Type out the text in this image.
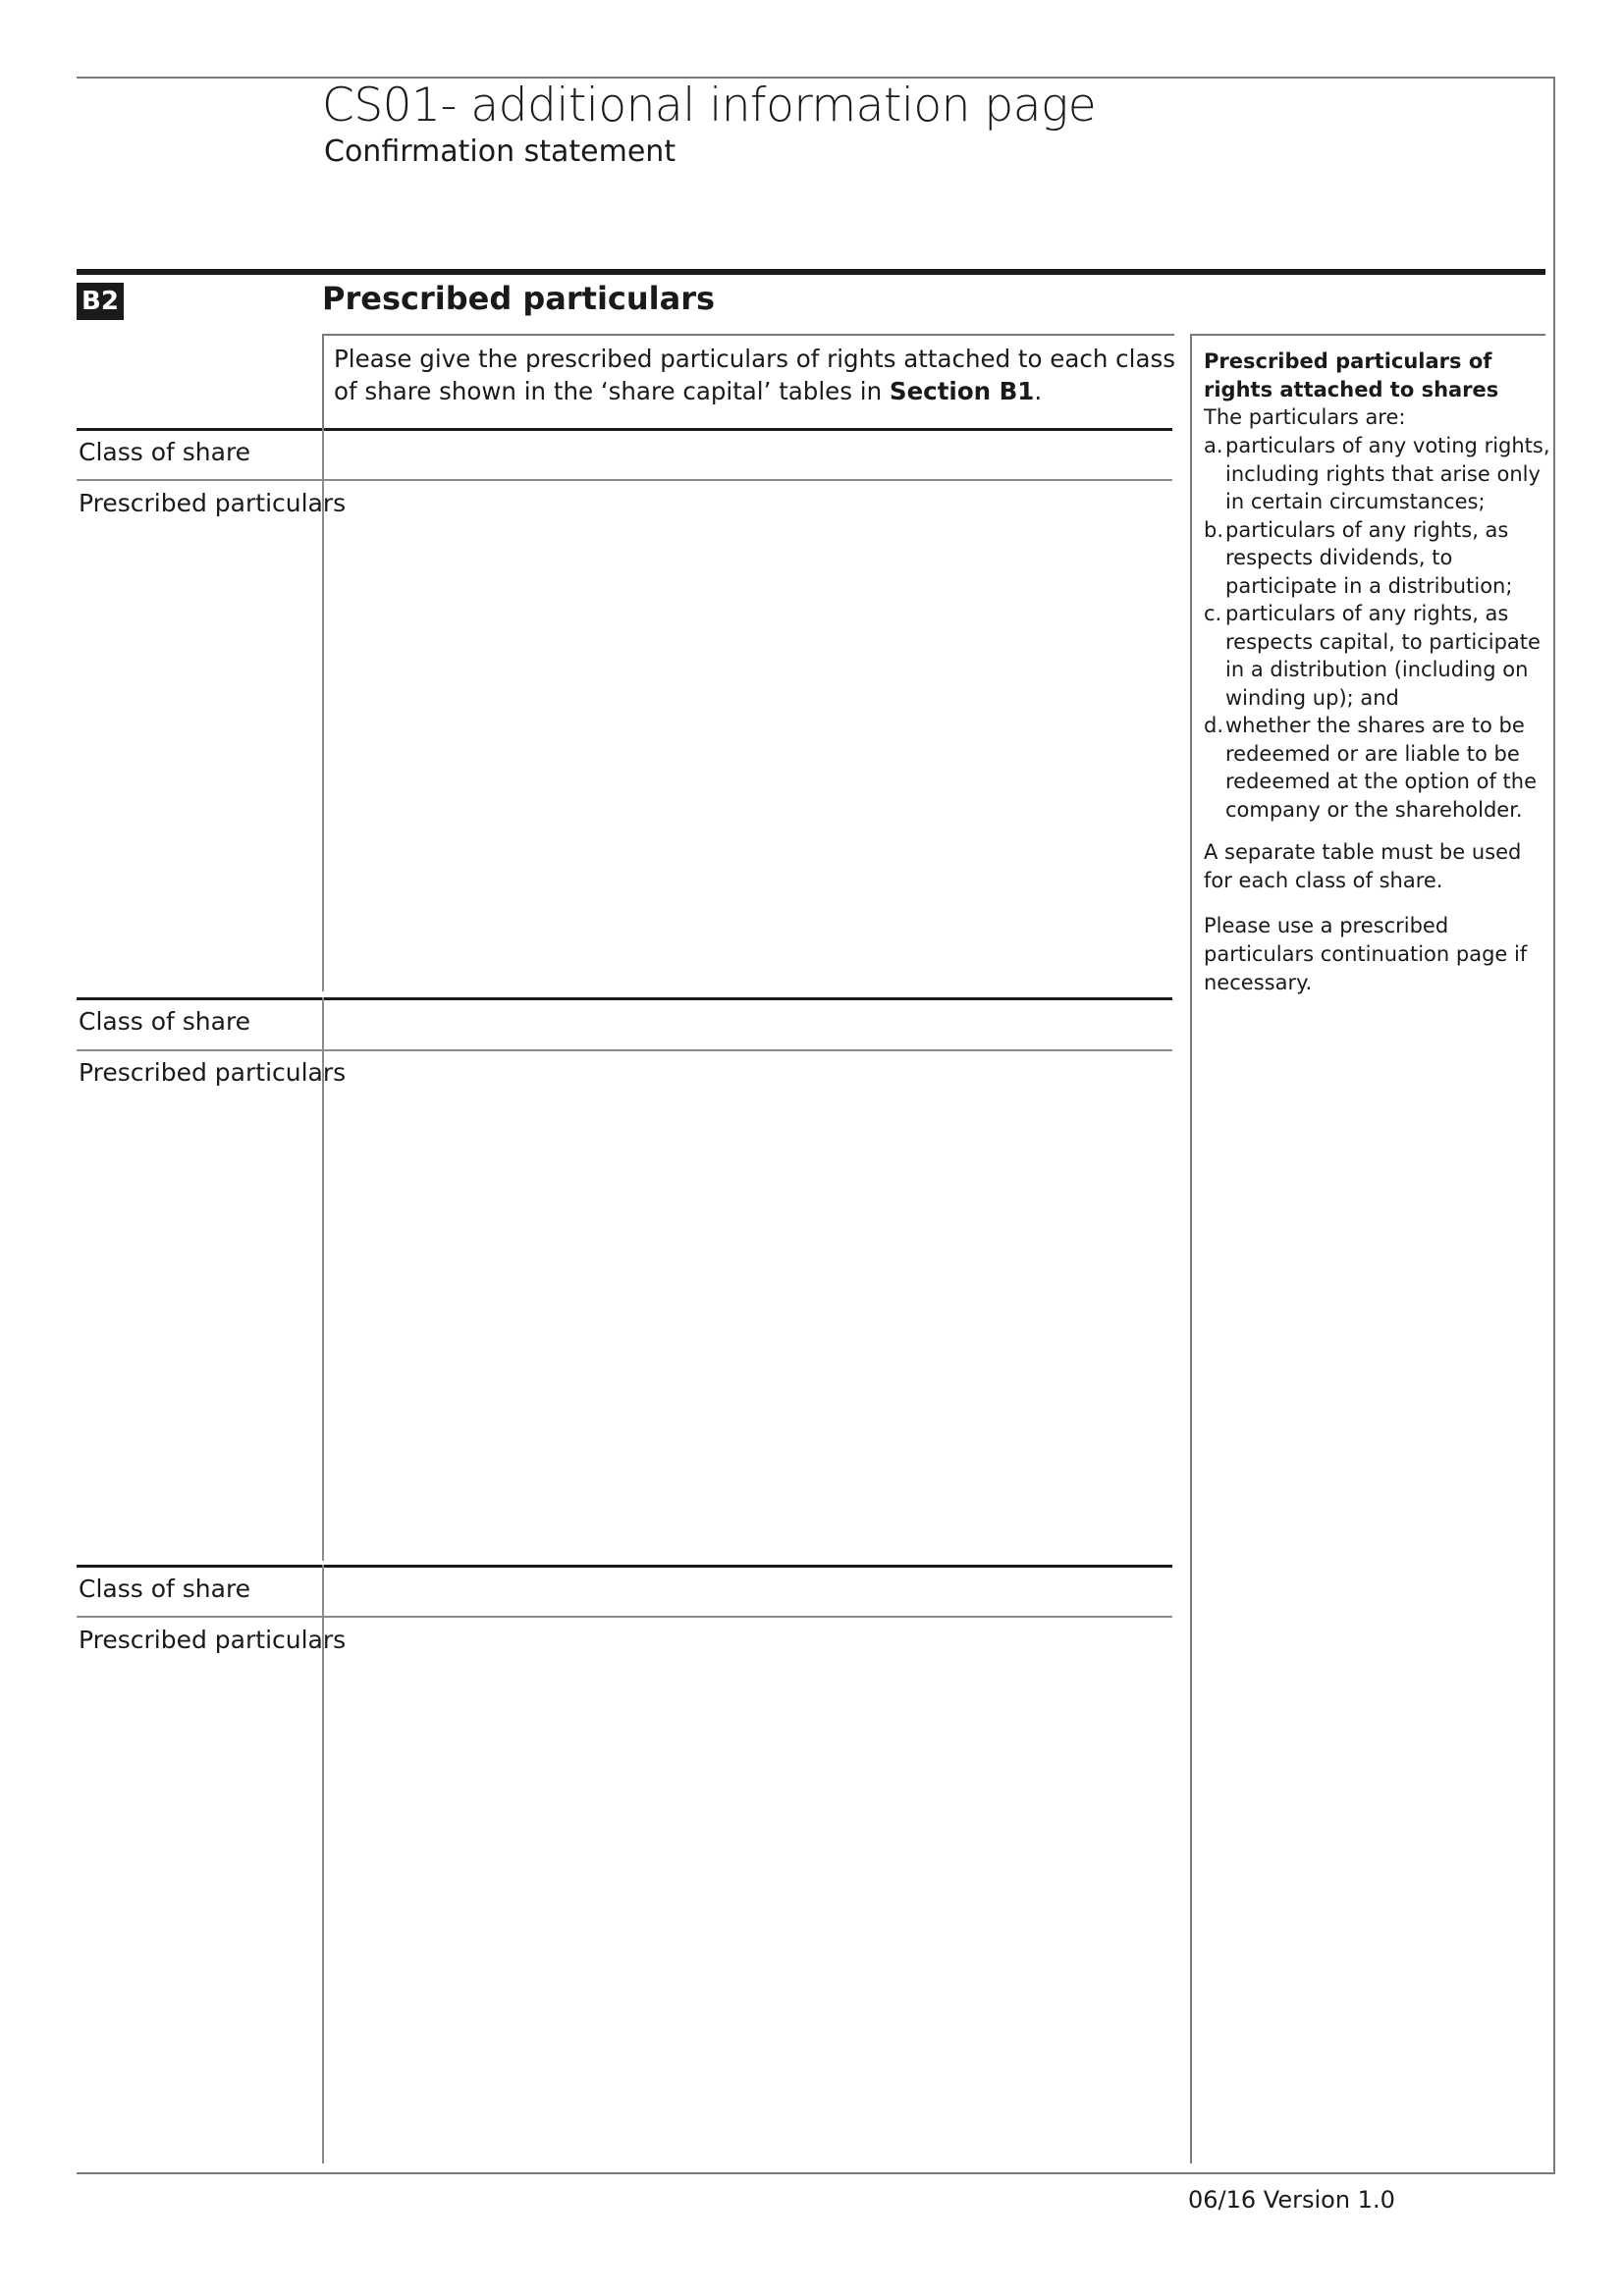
CS01- additional information page
Confirmation statement
B2	Prescribed particulars
Please give the prescribed particulars of rights attached to each class of share shown in the ‘share capital’ tables in Section B1.
Class of share
Prescribed particulars
Class of share
Prescribed particulars
Class of share
Prescribed particulars
Prescribed particulars of rights attached to shares
The particulars are:
a. particulars of any voting rights, including rights that arise only in certain circumstances;
b. particulars of any rights, as respects dividends, to participate in a distribution;
c. particulars of any rights, as respects capital, to participate in a distribution (including on winding up); and
d. whether the shares are to be redeemed or are liable to be redeemed at the option of the company or the shareholder.
A separate table must be used for each class of share.
Please use a prescribed particulars continuation page if necessary.
06/16 Version 1.0
